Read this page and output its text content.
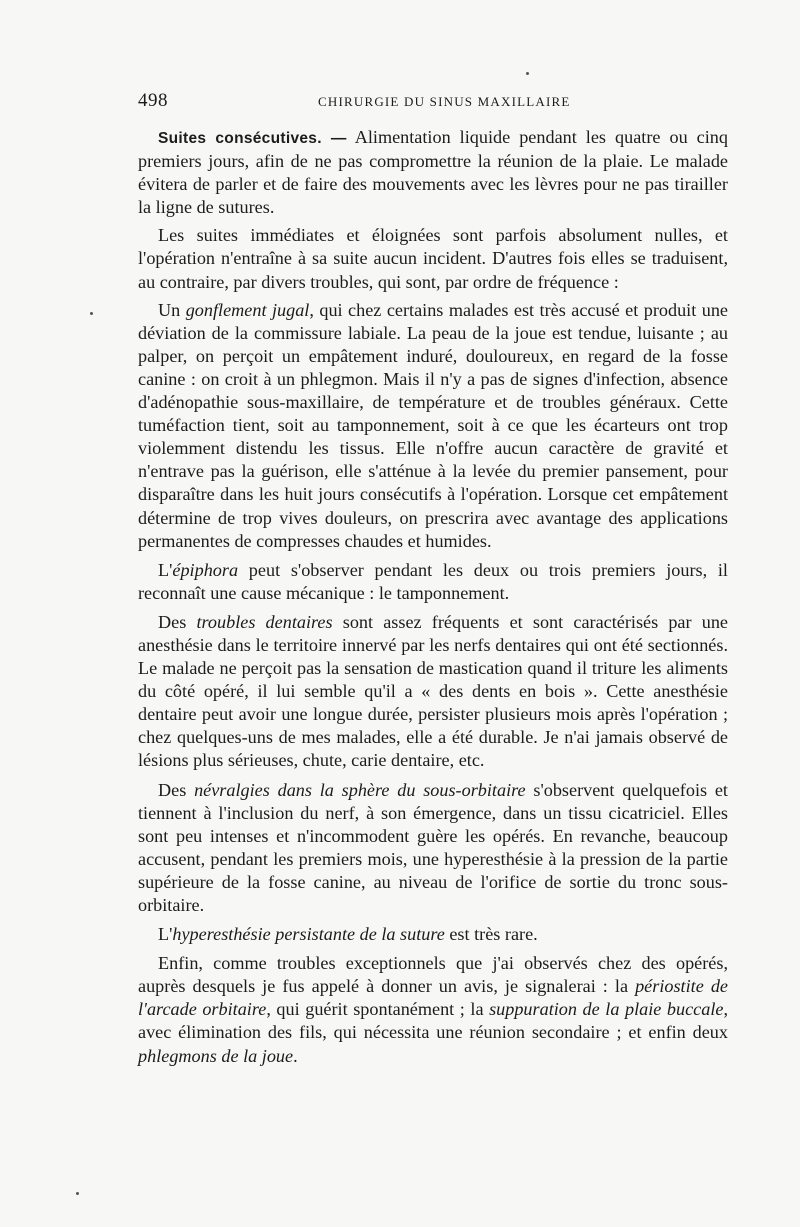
498	CHIRURGIE DU SINUS MAXILLAIRE

Suites consécutives. — Alimentation liquide pendant les quatre ou cinq premiers jours, afin de ne pas compromettre la réunion de la plaie. Le malade évitera de parler et de faire des mouvements avec les lèvres pour ne pas tirailler la ligne de sutures.

Les suites immédiates et éloignées sont parfois absolument nulles, et l'opération n'entraîne à sa suite aucun incident. D'autres fois elles se traduisent, au contraire, par divers troubles, qui sont, par ordre de fréquence :

Un gonflement jugal, qui chez certains malades est très accusé et produit une déviation de la commissure labiale. La peau de la joue est tendue, luisante ; au palper, on perçoit un empâtement induré, douloureux, en regard de la fosse canine : on croit à un phlegmon. Mais il n'y a pas de signes d'infection, absence d'adénopathie sous-maxillaire, de température et de troubles généraux. Cette tuméfaction tient, soit au tamponnement, soit à ce que les écarteurs ont trop violemment distendu les tissus. Elle n'offre aucun caractère de gravité et n'entrave pas la guérison, elle s'atténue à la levée du premier pansement, pour disparaître dans les huit jours consécutifs à l'opération. Lorsque cet empâtement détermine de trop vives douleurs, on prescrira avec avantage des applications permanentes de compresses chaudes et humides.

L'épiphora peut s'observer pendant les deux ou trois premiers jours, il reconnaît une cause mécanique : le tamponnement.

Des troubles dentaires sont assez fréquents et sont caractérisés par une anesthésie dans le territoire innervé par les nerfs dentaires qui ont été sectionnés. Le malade ne perçoit pas la sensation de mastication quand il triture les aliments du côté opéré, il lui semble qu'il a « des dents en bois ». Cette anesthésie dentaire peut avoir une longue durée, persister plusieurs mois après l'opération ; chez quelques-uns de mes malades, elle a été durable. Je n'ai jamais observé de lésions plus sérieuses, chute, carie dentaire, etc.

Des névralgies dans la sphère du sous-orbitaire s'observent quelquefois et tiennent à l'inclusion du nerf, à son émergence, dans un tissu cicatriciel. Elles sont peu intenses et n'incommodent guère les opérés. En revanche, beaucoup accusent, pendant les premiers mois, une hyperesthésie à la pression de la partie supérieure de la fosse canine, au niveau de l'orifice de sortie du tronc sous-orbitaire.

L'hyperesthésie persistante de la suture est très rare.

Enfin, comme troubles exceptionnels que j'ai observés chez des opérés, auprès desquels je fus appelé à donner un avis, je signalerai : la périostite de l'arcade orbitaire, qui guérit spontanément ; la suppuration de la plaie buccale, avec élimination des fils, qui nécessita une réunion secondaire ; et enfin deux phlegmons de la joue.
